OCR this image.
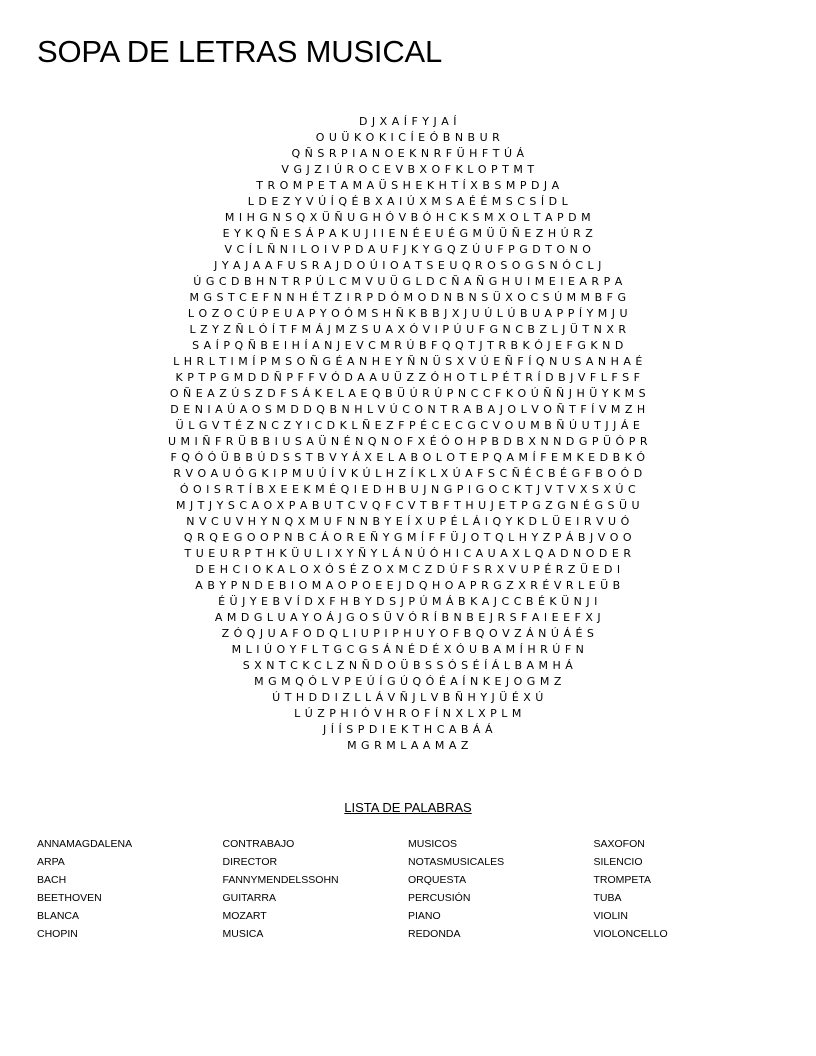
SOPA DE LETRAS MUSICAL
D J X A Í F Y J A Í
O U Ü K O K I C Í E Ó B N B U R
Q Ñ S R P I A N O E K N R F Ü H F T Ú Á
V G J Z I Ú R O C E V B X O F K L O P T M T
T R O M P E T A M A Ü S H E K H T Í X B S M P D J A
L D E Z Y V Ú Í Q É B X A I Ú X M S A É É M S C S Í D L
M I H G N S Q X Ü Ñ U G H Ó V B Ó H C K S M X O L T A P D M
E Y K Q Ñ E S Á P A K U J I I E N É E U É G M Ü Ü Ñ E Z H Ú R Z
V C Í L Ñ N I L O I V P D A U F J K Y G Q Z Ú U F P G D T O N O
J Y A J A A F U S R A J D O Ú I O A T S E U Q R O S O G S N Ó C L J
Ú G C D B H N T R P Ú L C M V U Ü G L D C Ñ A Ñ G H U I M E I E A R P A
M G S T C E F N N H É T Z I R P D Ó M O D N B N S Ü X O C S Ú M M B F G
L O Z O C Ú P E U A P Y O Ó M S H Ñ K B B J X J U Ú L Ú B U A P P Í Y M J U
L Z Y Z Ñ L Ó Í T F M Á J M Z S U A X Ó V I P Ú U F G N C B Z L J Ü T N X R
S A Í P Q Ñ B E I H Í A N J E V C M R Ú B F Q Q T J T R B K Ó J E F G K N D
L H R L T I M Í P M S O Ñ G É A N H E Y Ñ N Ü S X V Ú E Ñ F Í Q N U S A N H A É
K P T P G M D D Ñ P F F V Ó D A A U Ü Z Z Ó H O T L P É T R Í D B J V F L F S F
O Ñ E A Z Ú S Z D F S Á K E L A E Q B Ü Ú R Ú P N C C F K O Ú Ñ Ñ J H Ü Y K M S
D E N I A Ú A O S M D D Q B N H L V Ú C O N T R A B A J O L V O Ñ T F Í V M Z H
Ü L G V T É Z N C Z Y I C D K L Ñ E Z F P É C E C G C V O U M B Ñ Ú U T J J Á E
U M I Ñ F R Ü B B I U S A Ü N É N Q N O F X É Ó O H P B D B X N N D G P Ü Ó P R
F Q Ó Ó Ü B B Ú D S S T B V Y Á X E L A B O L O T E P Q A M Í F E M K E D B K Ó
R V O A U Ó G K I P M U Ú Í V K Ú L H Z Í K L X Ú A F S C Ñ É C B É G F B O Ó D
Ó O I S R T Í B X E E K M É Q I E D H B U J N G P I G O C K T J V T V X S X Ú C
M J T J Y S C A O X P A B U T C V Q F C V T B F T H U J E T P G Z G N É G S Ü U
N V C U V H Y N Q X M U F N N B Y E Í X U P É L Á I Q Y K D L Ü E I R V U Ó
Q R Q E G O O P N B C Á O R E Ñ Y G M Í F F Ü J O T Q L H Y Z P Á B J V O O
T U E U R P T H K Ü U L I X Y Ñ Y L Á N Ú Ó H I C A U A X L Q A D N O D E R
D E H C I O K A L O X Ó S É Z O X M C Z D Ú F S R X V U P É R Z Ü E D I
A B Y P N D E B I O M A O P O E E J D Q H O A P R G Z X R É V R L E Ü B
É Ü J Y E B V Í D X F H B Y D S J P Ú M Á B K A J C C B É K Ü N J I
A M D G L U A Y O Á J G O S Ü V Ó R Í B N B E J R S F A I E E F X J
Z Ó Q J U A F O D Q L I U P I P H U Y O F B Q O V Z Á N Ú Á É S
M L I Ú O Y F L T G C G S Á N É D É X Ó U B A M Í H R Ú F N
S X N T C K C L Z N Ñ D O Ü B S S Ó S É Í Á L B A M H Á
M G M Q Ó L V P E Ú Í G Ú Q Ó É A Í N K E J O G M Z
Ú T H D D I Z L L Á V Ñ J L V B Ñ H Y J Ü É X Ú
L Ú Z P H I Ó V H R O F Í N X L X P L M
J Í Í S P D I E K T H C A B Á Á
M G R M L A A M A Z
LISTA DE PALABRAS
ANNAMAGDALENA
ARPA
BACH
BEETHOVEN
BLANCA
CHOPIN
CONTRABAJO
DIRECTOR
FANNYMENDELSSOHN
GUITARRA
MOZART
MUSICA
MUSICOS
NOTASMUSICALES
ORQUESTA
PERCUSIÓN
PIANO
REDONDA
SAXOFON
SILENCIO
TROMPETA
TUBA
VIOLIN
VIOLONCELLO
